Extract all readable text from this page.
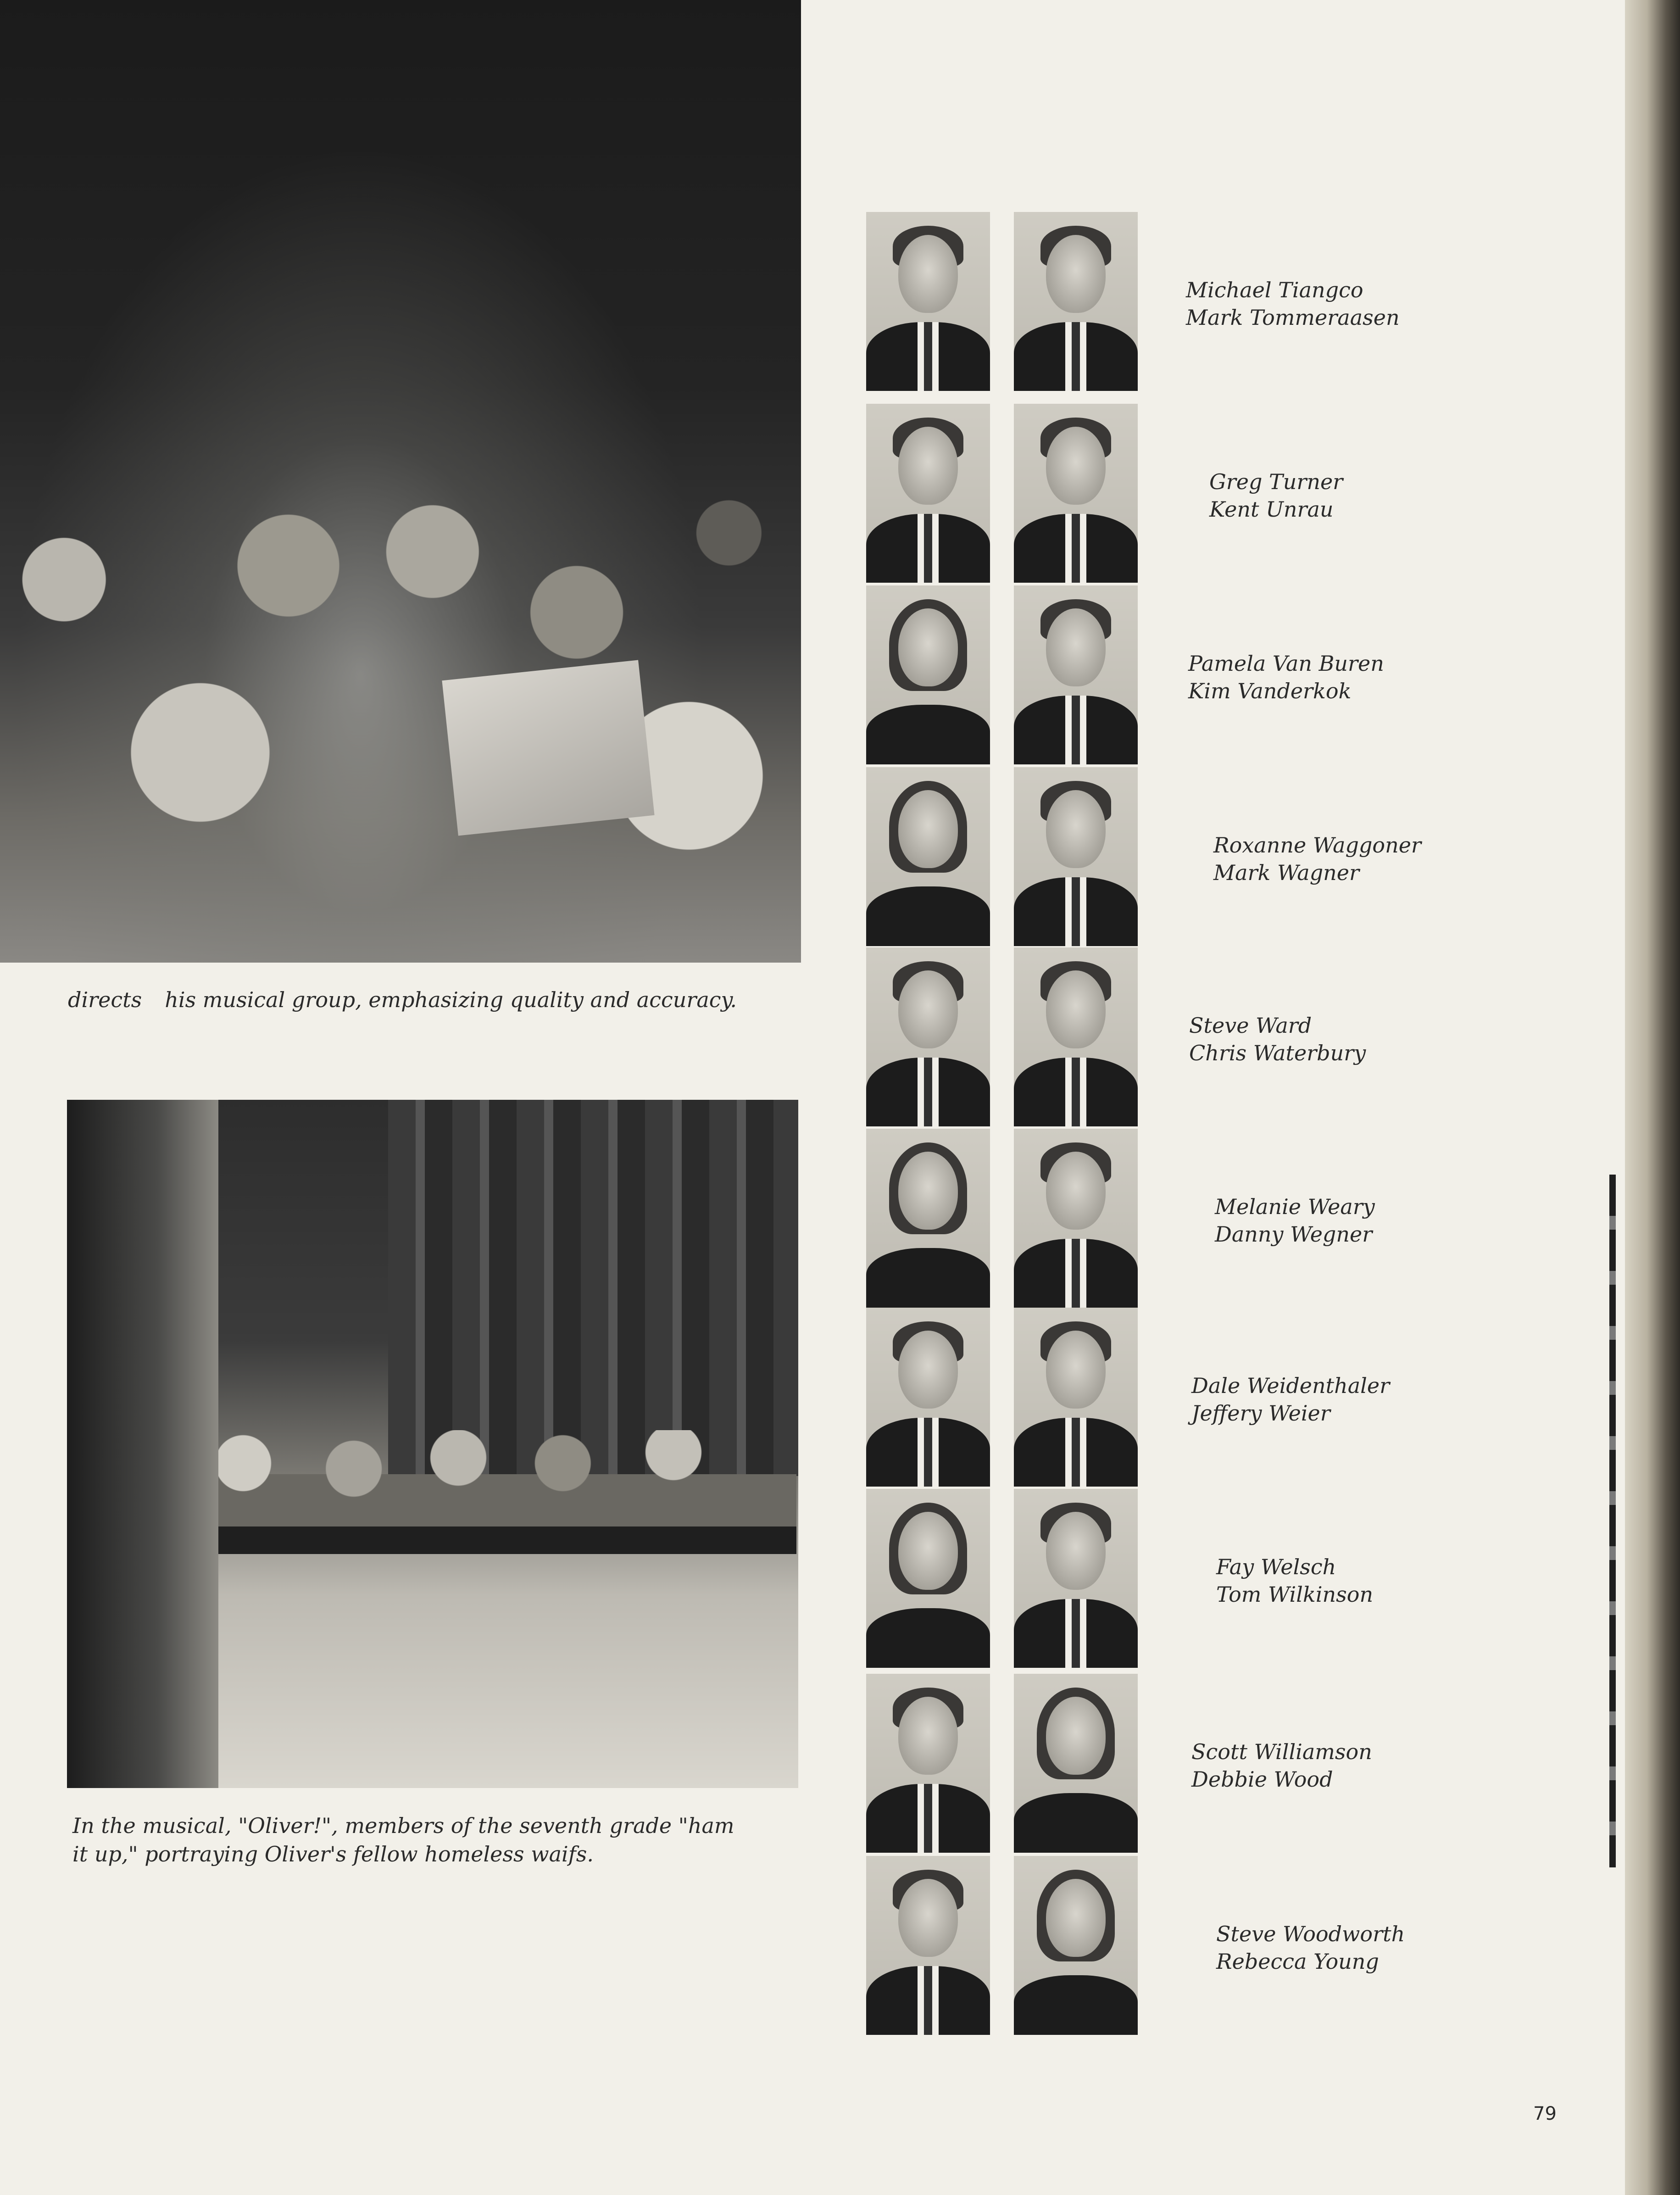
directs his musical group, emphasizing quality and accuracy.

In the musical, "Oliver!", members of the seventh grade "ham
it up," portraying Oliver's fellow homeless waifs.

Michael Tiangco
Mark Tommeraasen

Greg Turner
Kent Unrau

Pamela Van Buren
Kim Vanderkok

Roxanne Waggoner
Mark Wagner

Steve Ward
Chris Waterbury

Melanie Weary
Danny Wegner

Dale Weidenthaler
Jeffery Weier

Fay Welsch
Tom Wilkinson

Scott Williamson
Debbie Wood

Steve Woodworth
Rebecca Young

79
